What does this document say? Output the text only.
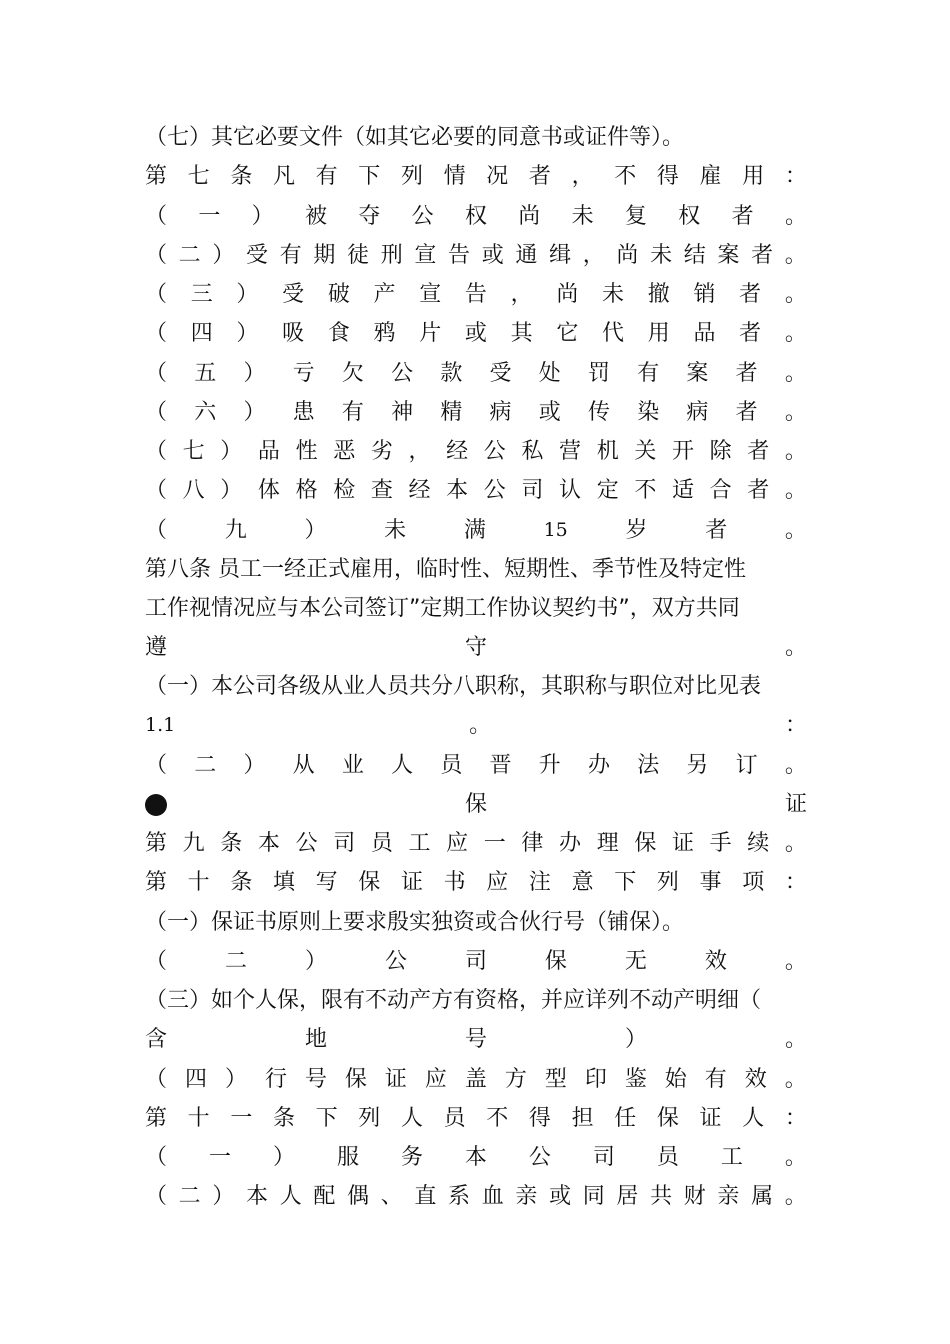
（七）其它必要文件（如其它必要的同意书或证件等）。
第 七 条 凡 有 下 列 情 况 者 ， 不 得 雇 用 ：
（ 一 ） 被 夺 公 权 尚 未 复 权 者 。
（ 二 ） 受 有 期 徒 刑 宣 告 或 通 缉 ， 尚 未 结 案 者 。
（ 三 ） 受 破 产 宣 告 ， 尚 未 撤 销 者 。
（ 四 ） 吸 食 鸦 片 或 其 它 代 用 品 者 。
（ 五 ） 亏 欠 公 款 受 处 罚 有 案 者 。
（ 六 ） 患 有 神 精 病 或 传 染 病 者 。
（ 七 ） 品 性 恶 劣 ， 经 公 私 营 机 关 开 除 者 。
（ 八 ） 体 格 检 查 经 本 公 司 认 定 不 适 合 者 。
（	九	）	未	满	15	岁	者	。
第八条 员工一经正式雇用，临时性、短期性、季节性及特定性
工作视情况应与本公司签订”定期工作协议契约书”，双方共同
遵	守	。
（一）本公司各级从业人员共分八职称，其职称与职位对比见表
1.1	。	：
（ 二 ） 从 业 人 员 晋 升 办 法 另 订 。
保	证
第 九 条 本 公 司 员 工 应 一 律 办 理 保 证 手 续 。
第 十 条 填 写 保 证 书 应 注 意 下 列 事 项 ：
（一）保证书原则上要求殷实独资或合伙行号（铺保）。
（	二	）	公	司	保	无	效	。
（三）如个人保，限有不动产方有资格，并应详列不动产明细（
含	地	号	）	。
（ 四 ） 行 号 保 证 应 盖 方 型 印 鉴 始 有 效 。
第 十 一 条 下 列 人 员 不 得 担 任 保 证 人 ：
（ 一 ） 服 务 本 公 司 员 工 。
（ 二 ） 本 人 配 偶 、 直 系 血 亲 或 同 居 共 财 亲 属 。
